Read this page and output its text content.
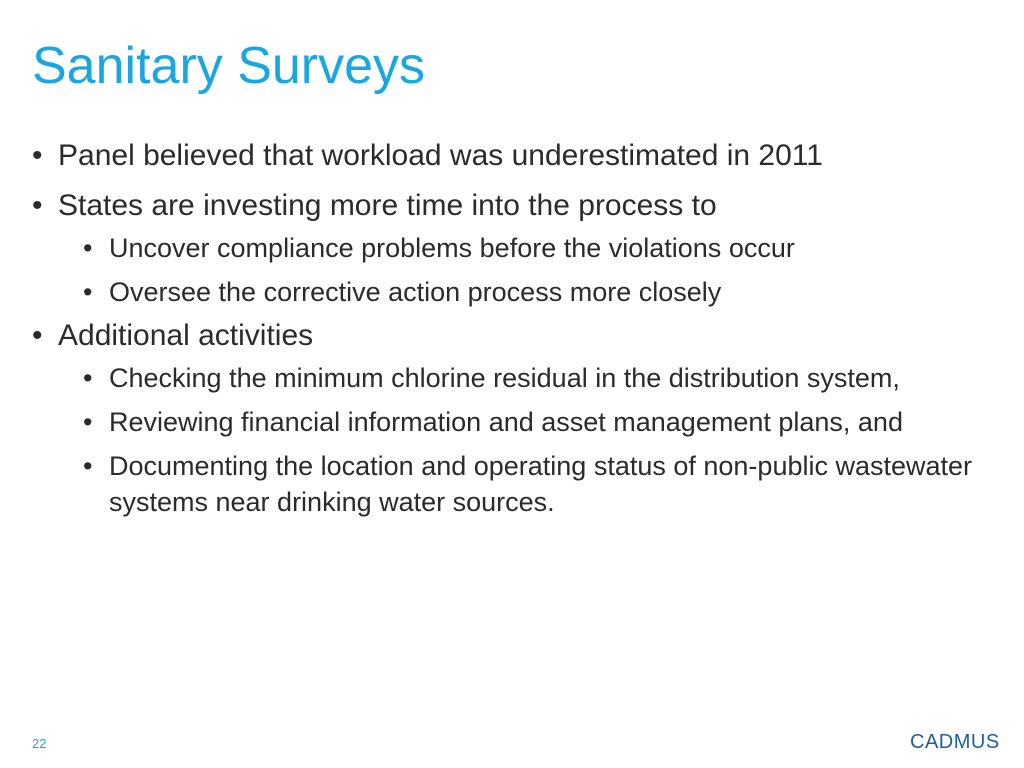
Sanitary Surveys
• Panel believed that workload was underestimated in 2011
• States are investing more time into the process to
• Uncover compliance problems before the violations occur
• Oversee the corrective action process more closely
• Additional activities
• Checking the minimum chlorine residual in the distribution system,
• Reviewing financial information and asset management plans, and
• Documenting the location and operating status of non-public wastewater systems near drinking water sources.
22	CADMUS
